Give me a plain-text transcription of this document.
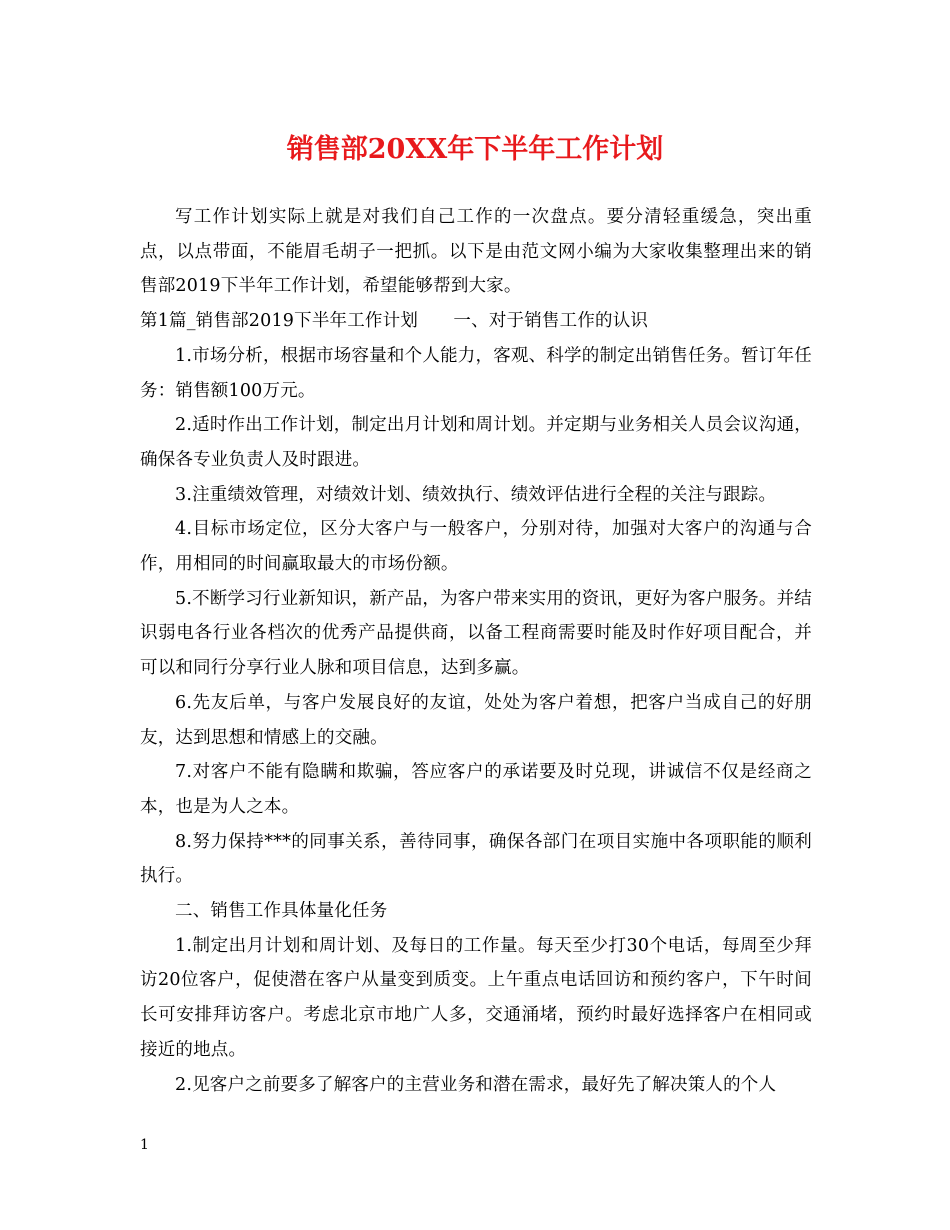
销售部20XX年下半年工作计划

写工作计划实际上就是对我们自己工作的一次盘点。要分清轻重缓急，突出重点，以点带面，不能眉毛胡子一把抓。以下是由范文网小编为大家收集整理出来的销售部2019下半年工作计划，希望能够帮到大家。

第1篇_销售部2019下半年工作计划　　一、对于销售工作的认识

1.市场分析，根据市场容量和个人能力，客观、科学的制定出销售任务。暂订年任务：销售额100万元。

2.适时作出工作计划，制定出月计划和周计划。并定期与业务相关人员会议沟通，确保各专业负责人及时跟进。

3.注重绩效管理，对绩效计划、绩效执行、绩效评估进行全程的关注与跟踪。

4.目标市场定位，区分大客户与一般客户，分别对待，加强对大客户的沟通与合作，用相同的时间赢取最大的市场份额。

5.不断学习行业新知识，新产品，为客户带来实用的资讯，更好为客户服务。并结识弱电各行业各档次的优秀产品提供商，以备工程商需要时能及时作好项目配合，并可以和同行分享行业人脉和项目信息，达到多赢。

6.先友后单，与客户发展良好的友谊，处处为客户着想，把客户当成自己的好朋友，达到思想和情感上的交融。

7.对客户不能有隐瞒和欺骗，答应客户的承诺要及时兑现，讲诚信不仅是经商之本，也是为人之本。

8.努力保持***的同事关系，善待同事，确保各部门在项目实施中各项职能的顺利执行。

二、销售工作具体量化任务

1.制定出月计划和周计划、及每日的工作量。每天至少打30个电话，每周至少拜访20位客户，促使潜在客户从量变到质变。上午重点电话回访和预约客户，下午时间长可安排拜访客户。考虑北京市地广人多，交通涌堵，预约时最好选择客户在相同或接近的地点。

2.见客户之前要多了解客户的主营业务和潜在需求，最好先了解决策人的个人

1
